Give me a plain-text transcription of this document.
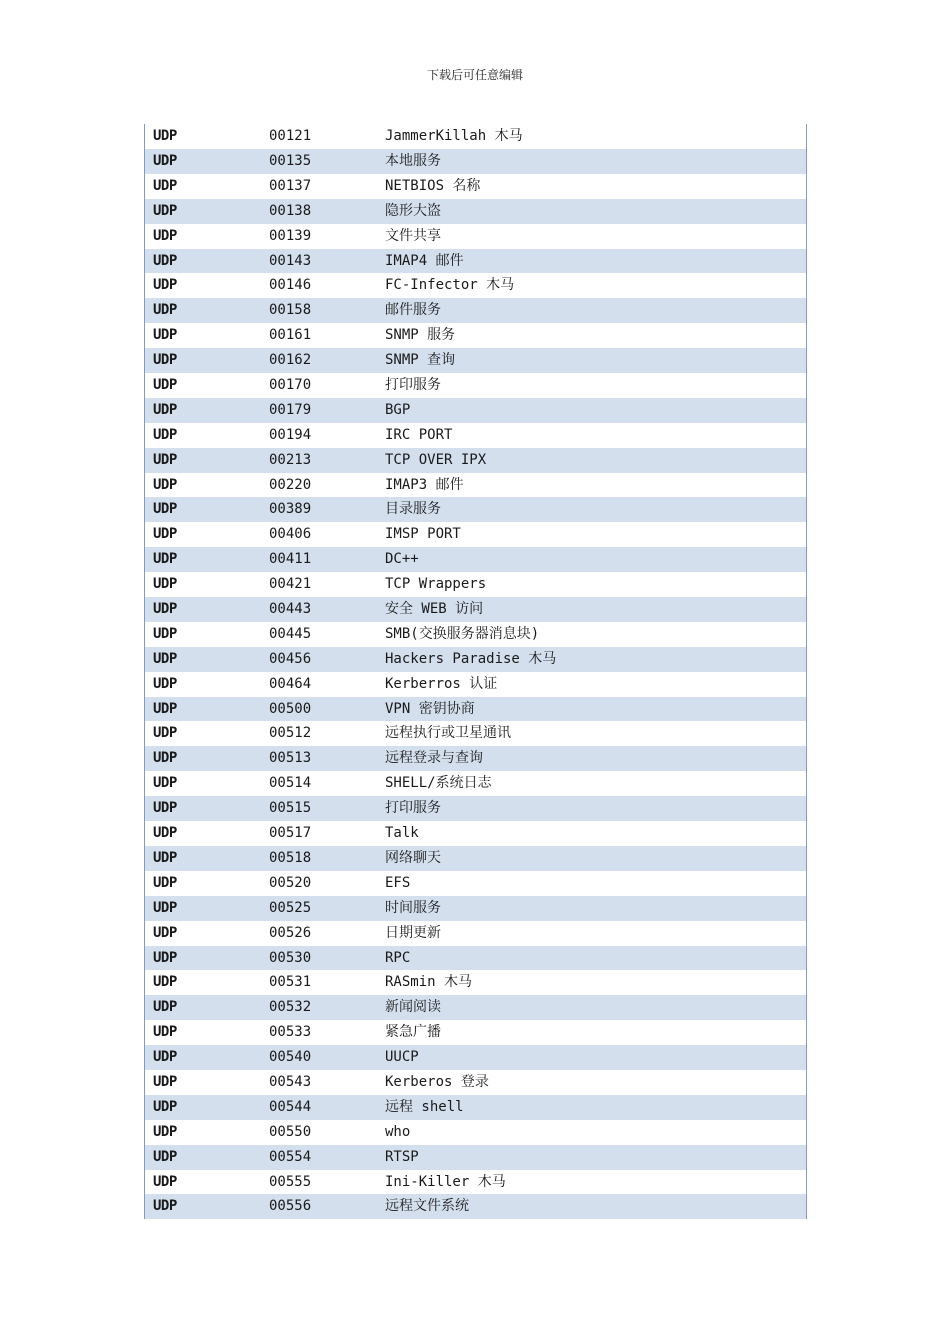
下载后可任意编辑
UDP	00121	JammerKillah 木马
UDP	00135	本地服务
UDP	00137	NETBIOS 名称
UDP	00138	隐形大盗
UDP	00139	文件共享
UDP	00143	IMAP4 邮件
UDP	00146	FC-Infector 木马
UDP	00158	邮件服务
UDP	00161	SNMP 服务
UDP	00162	SNMP 查询
UDP	00170	打印服务
UDP	00179	BGP
UDP	00194	IRC PORT
UDP	00213	TCP OVER IPX
UDP	00220	IMAP3 邮件
UDP	00389	目录服务
UDP	00406	IMSP PORT
UDP	00411	DC++
UDP	00421	TCP Wrappers
UDP	00443	安全 WEB 访问
UDP	00445	SMB(交换服务器消息块)
UDP	00456	Hackers Paradise 木马
UDP	00464	Kerberros 认证
UDP	00500	VPN 密钥协商
UDP	00512	远程执行或卫星通讯
UDP	00513	远程登录与查询
UDP	00514	SHELL/系统日志
UDP	00515	打印服务
UDP	00517	Talk
UDP	00518	网络聊天
UDP	00520	EFS
UDP	00525	时间服务
UDP	00526	日期更新
UDP	00530	RPC
UDP	00531	RASmin 木马
UDP	00532	新闻阅读
UDP	00533	紧急广播
UDP	00540	UUCP
UDP	00543	Kerberos 登录
UDP	00544	远程 shell
UDP	00550	who
UDP	00554	RTSP
UDP	00555	Ini-Killer 木马
UDP	00556	远程文件系统
